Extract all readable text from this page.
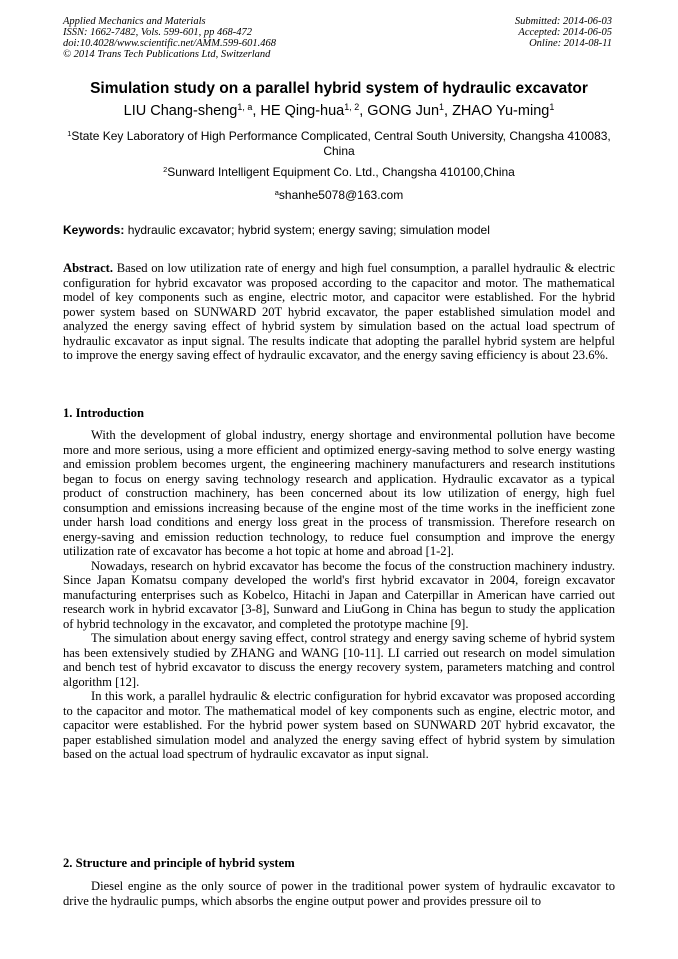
Applied Mechanics and Materials
ISSN: 1662-7482, Vols. 599-601, pp 468-472
doi:10.4028/www.scientific.net/AMM.599-601.468
© 2014 Trans Tech Publications Ltd, Switzerland
Submitted: 2014-06-03
Accepted: 2014-06-05
Online: 2014-08-11
Simulation study on a parallel hybrid system of hydraulic excavator
LIU Chang-sheng$^{1, a}$, HE Qing-hua$^{1, 2}$, GONG Jun$^1$, ZHAO Yu-ming$^1$
$^1$State Key Laboratory of High Performance Complicated, Central South University, Changsha 410083, China
$^2$Sunward Intelligent Equipment Co. Ltd., Changsha 410100,China
$^a$shanhe5078@163.com
Keywords: hydraulic excavator; hybrid system; energy saving; simulation model

Abstract. Based on low utilization rate of energy and high fuel consumption, a parallel hydraulic & electric configuration for hybrid excavator was proposed according to the capacitor and motor. The mathematical model of key components such as engine, electric motor, and capacitor were established. For the hybrid power system based on SUNWARD 20T hybrid excavator, the paper established simulation model and analyzed the energy saving effect of hybrid system by simulation based on the actual load spectrum of hydraulic excavator as input signal. The results indicate that adopting the parallel hybrid system are helpful to improve the energy saving effect of hydraulic excavator, and the energy saving efficiency is about 23.6%.

1. Introduction

With the development of global industry, energy shortage and environmental pollution have become more and more serious, using a more efficient and optimized energy-saving method to solve energy wasting and emission problem becomes urgent, the engineering machinery manufacturers and research institutions began to focus on energy saving technology research and application. Hydraulic excavator as a typical product of construction machinery, has been concerned about its low utilization of energy, high fuel consumption and emissions increasing because of the engine most of the time works in the inefficient zone under harsh load conditions and energy loss great in the process of transmission. Therefore research on energy-saving and emission reduction technology, to reduce fuel consumption and improve the energy utilization rate of excavator has become a hot topic at home and abroad [1-2].

Nowadays, research on hybrid excavator has become the focus of the construction machinery industry. Since Japan Komatsu company developed the world's first hybrid excavator in 2004, foreign excavator manufacturing enterprises such as Kobelco, Hitachi in Japan and Caterpillar in American have carried out research work in hybrid excavator [3-8], Sunward and LiuGong in China has begun to study the application of hybrid technology in the excavator, and completed the prototype machine [9].

The simulation about energy saving effect, control strategy and energy saving scheme of hybrid system has been extensively studied by ZHANG and WANG [10-11]. LI carried out research on model simulation and bench test of hybrid excavator to discuss the energy recovery system, parameters matching and control algorithm [12].

In this work, a parallel hydraulic & electric configuration for hybrid excavator was proposed according to the capacitor and motor. The mathematical model of key components such as engine, electric motor, and capacitor were established. For the hybrid power system based on SUNWARD 20T hybrid excavator, the paper established simulation model and analyzed the energy saving effect of hybrid system by simulation based on the actual load spectrum of hydraulic excavator as input signal.

2. Structure and principle of hybrid system

Diesel engine as the only source of power in the traditional power system of hydraulic excavator to drive the hydraulic pumps, which absorbs the engine output power and provides pressure oil to
